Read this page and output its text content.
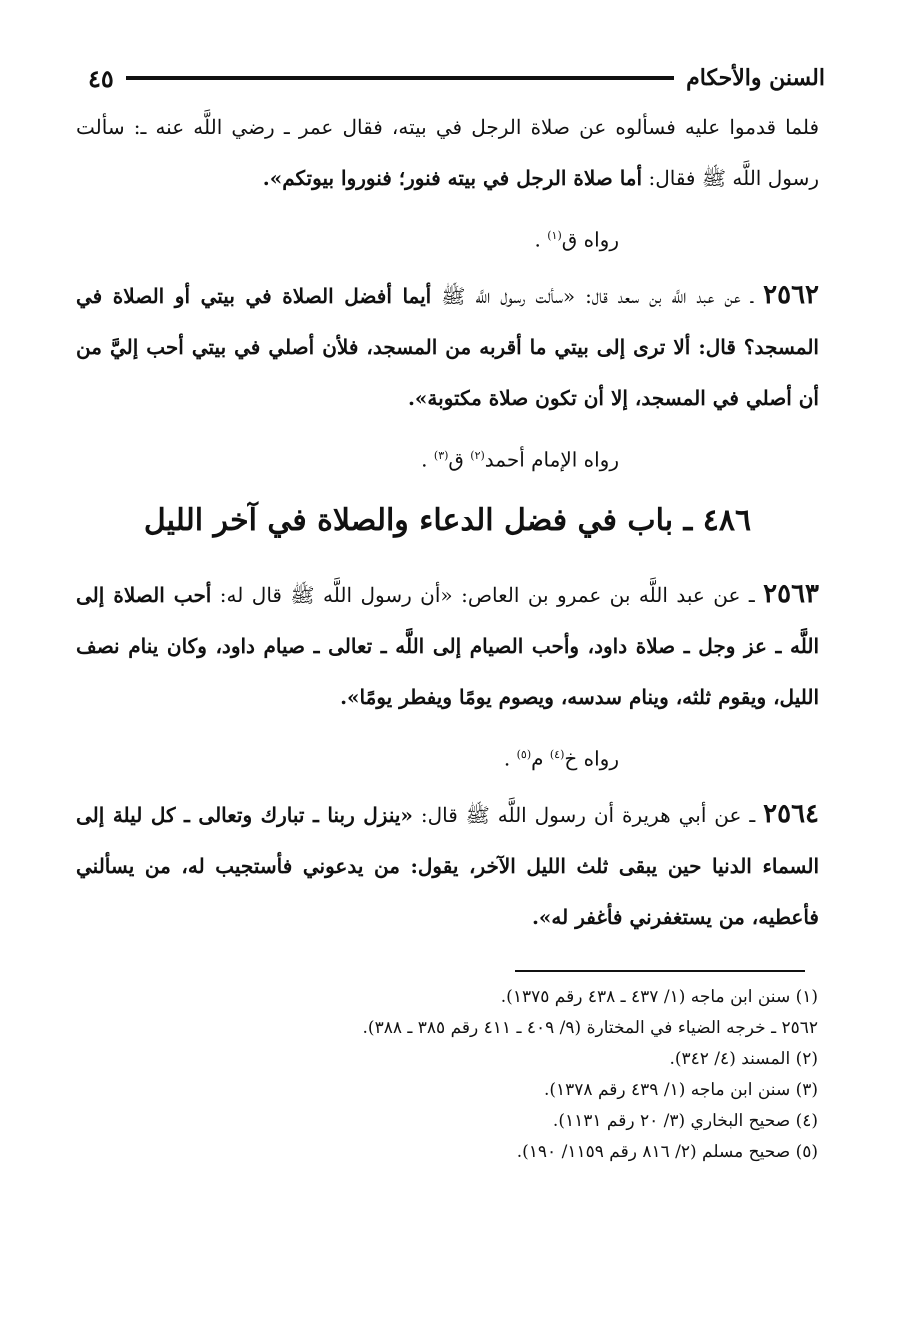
السنن والأحكام
٤٥

فلما قدموا عليه فسألوه عن صلاة الرجل في بيته، فقال عمر ـ رضي اللَّه عنه ـ: سألت رسول اللَّه ﷺ فقال: أما صلاة الرجل في بيته فنور؛ فنوروا بيوتكم».

رواه ق$^{(١)}$ .

٢٥٦٢ ـ عن عبد اللَّه بن سعد قال: «سألت رسول اللَّه ﷺ أيما أفضل الصلاة في بيتي أو الصلاة في المسجد؟ قال: ألا ترى إلى بيتي ما أقربه من المسجد، فلأن أصلي في بيتي أحب إليَّ من أن أصلي في المسجد، إلا أن تكون صلاة مكتوبة».

رواه الإمام أحمد$^{(٢)}$ ق$^{(٣)}$ .

٤٨٦ ـ باب في فضل الدعاء والصلاة في آخر الليل

٢٥٦٣ ـ عن عبد اللَّه بن عمرو بن العاص: «أن رسول اللَّه ﷺ قال له: أحب الصلاة إلى اللَّه ـ عز وجل ـ صلاة داود، وأحب الصيام إلى اللَّه ـ تعالى ـ صيام داود، وكان ينام نصف الليل، ويقوم ثلثه، وينام سدسه، ويصوم يومًا ويفطر يومًا».

رواه خ$^{(٤)}$ م$^{(٥)}$ .

٢٥٦٤ ـ عن أبي هريرة أن رسول اللَّه ﷺ قال: «ينزل ربنا ـ تبارك وتعالى ـ كل ليلة إلى السماء الدنيا حين يبقى ثلث الليل الآخر، يقول: من يدعوني فأستجيب له، من يسألني فأعطيه، من يستغفرني فأغفر له».

(١) سنن ابن ماجه (١/ ٤٣٧ ـ ٤٣٨ رقم ١٣٧٥).

٢٥٦٢ ـ خرجه الضياء في المختارة (٩/ ٤٠٩ ـ ٤١١ رقم ٣٨٥ ـ ٣٨٨).

(٢) المسند (٤/ ٣٤٢).

(٣) سنن ابن ماجه (١/ ٤٣٩ رقم ١٣٧٨).

(٤) صحيح البخاري (٣/ ٢٠ رقم ١١٣١).

(٥) صحيح مسلم (٢/ ٨١٦ رقم ١١٥٩/ ١٩٠).
